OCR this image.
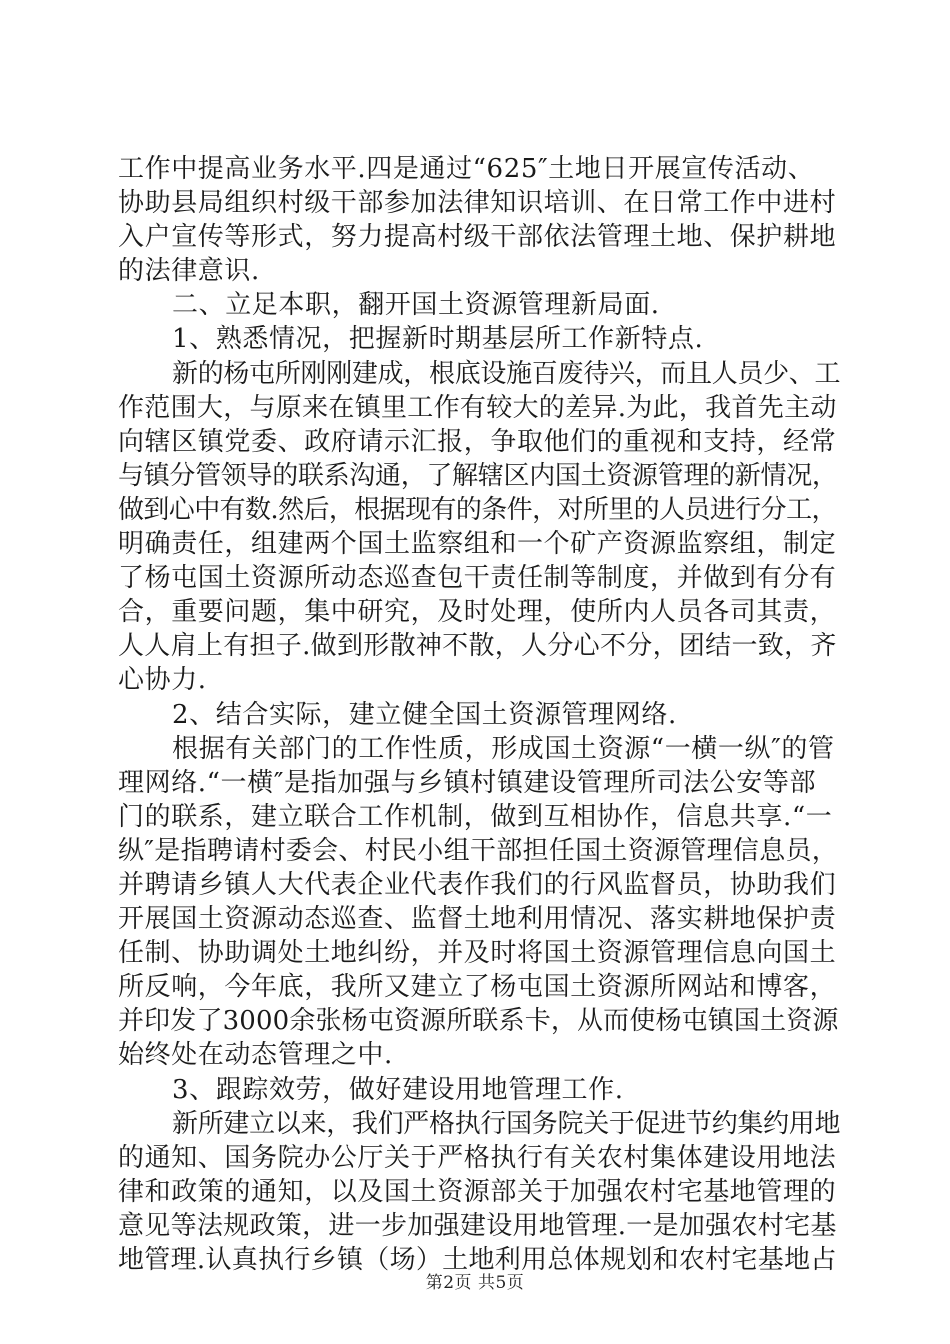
工作中提高业务水平.四是通过“625″土地日开展宣传活动、
协助县局组织村级干部参加法律知识培训、在日常工作中进村
入户宣传等形式，努力提高村级干部依法管理土地、保护耕地
的法律意识.
二、立足本职，翻开国土资源管理新局面.
1、熟悉情况，把握新时期基层所工作新特点.
新的杨屯所刚刚建成，根底设施百废待兴，而且人员少、工
作范围大，与原来在镇里工作有较大的差异.为此，我首先主动
向辖区镇党委、政府请示汇报，争取他们的重视和支持，经常
与镇分管领导的联系沟通，了解辖区内国土资源管理的新情况，
做到心中有数.然后，根据现有的条件，对所里的人员进行分工，
明确责任，组建两个国土监察组和一个矿产资源监察组，制定
了杨屯国土资源所动态巡查包干责任制等制度，并做到有分有
合，重要问题，集中研究，及时处理，使所内人员各司其责，
人人肩上有担子.做到形散神不散，人分心不分，团结一致，齐
心协力.
2、结合实际，建立健全国土资源管理网络.
根据有关部门的工作性质，形成国土资源“一横一纵″的管
理网络.“一横″是指加强与乡镇村镇建设管理所司法公安等部
门的联系，建立联合工作机制，做到互相协作，信息共享.“一
纵″是指聘请村委会、村民小组干部担任国土资源管理信息员，
并聘请乡镇人大代表企业代表作我们的行风监督员，协助我们
开展国土资源动态巡查、监督土地利用情况、落实耕地保护责
任制、协助调处土地纠纷，并及时将国土资源管理信息向国土
所反响，今年底，我所又建立了杨屯国土资源所网站和博客，
并印发了3000余张杨屯资源所联系卡，从而使杨屯镇国土资源
始终处在动态管理之中.
3、跟踪效劳，做好建设用地管理工作.
新所建立以来，我们严格执行国务院关于促进节约集约用地
的通知、国务院办公厅关于严格执行有关农村集体建设用地法
律和政策的通知，以及国土资源部关于加强农村宅基地管理的
意见等法规政策，进一步加强建设用地管理.一是加强农村宅基
地管理.认真执行乡镇（场）土地利用总体规划和农村宅基地占
第2页 共5页
